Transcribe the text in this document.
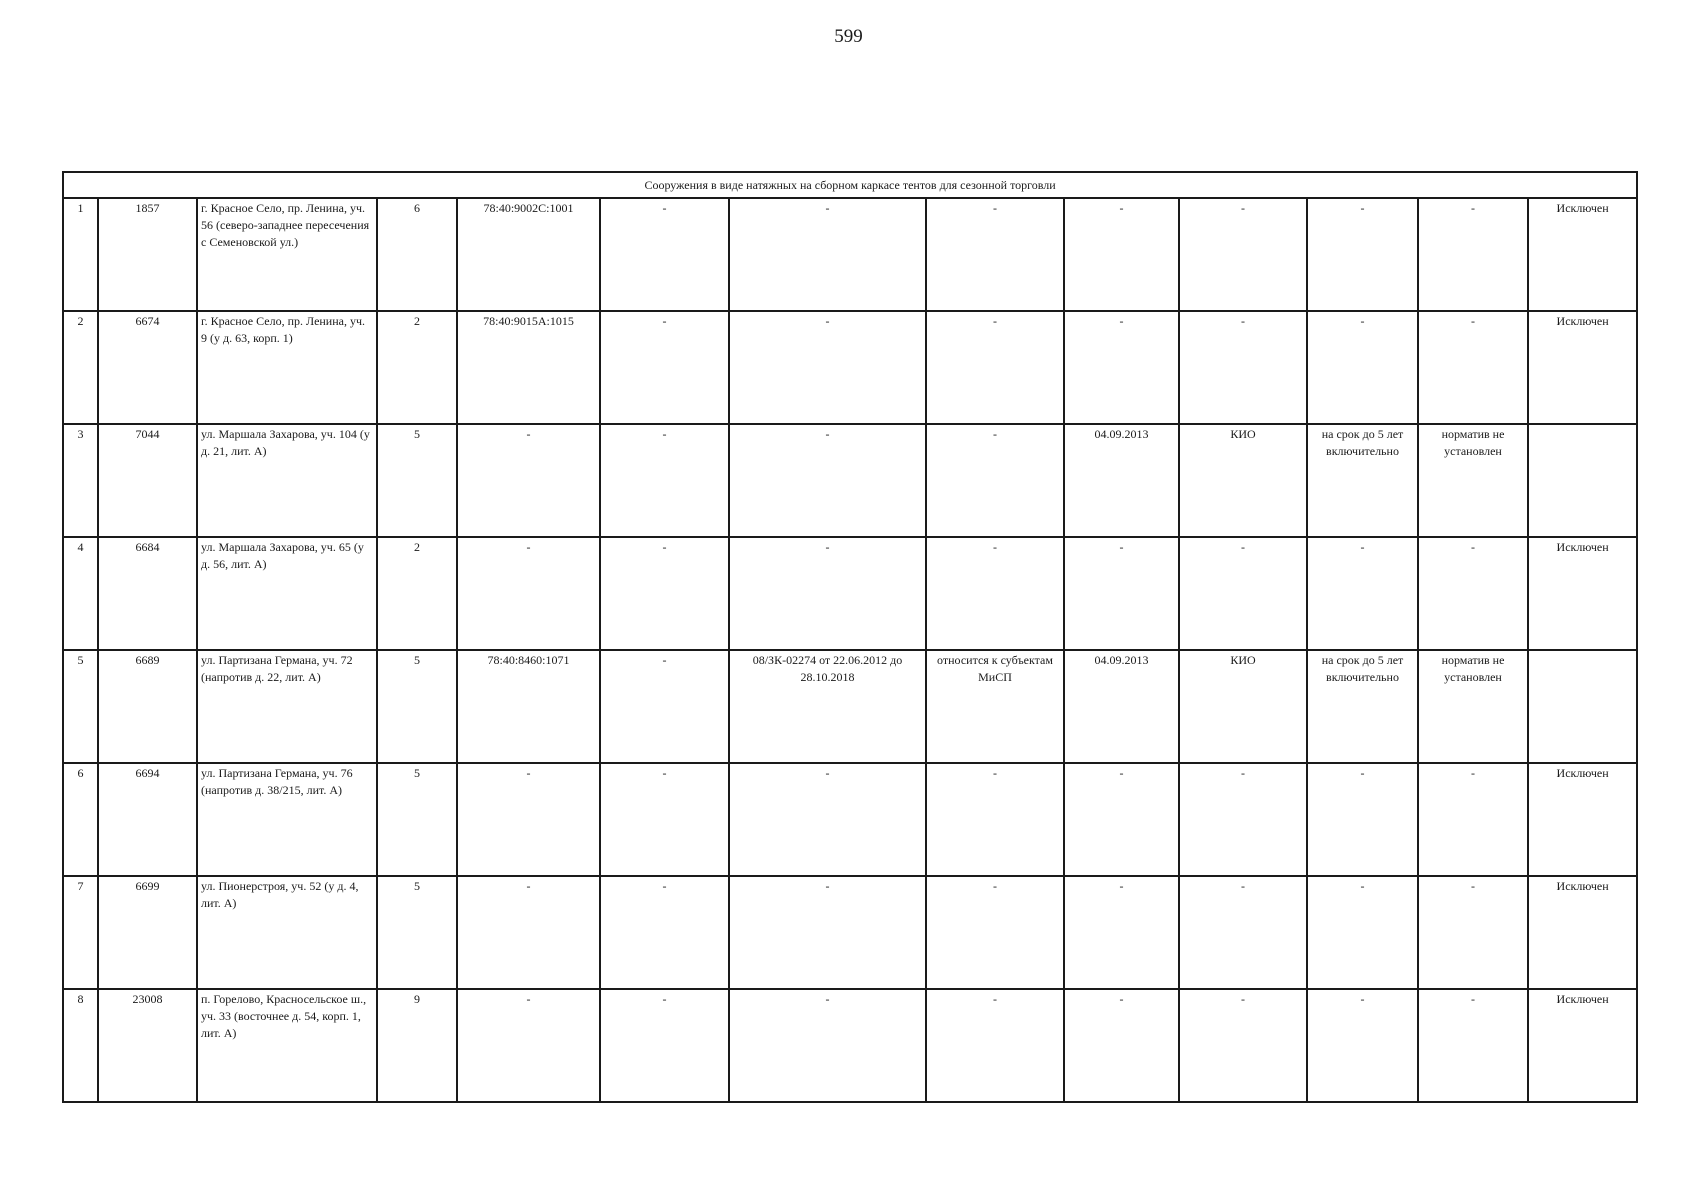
599
Сооружения в виде натяжных на сборном каркасе тентов для сезонной торговли												
1	1857	г. Красное Село, пр. Ленина, уч. 56 (северо-западнее пересечения с Семеновской ул.)	6	78:40:9002С:1001	-	-	-	-	-	-	-	Исключен
2	6674	г. Красное Село, пр. Ленина, уч. 9 (у д. 63, корп. 1)	2	78:40:9015А:1015	-	-	-	-	-	-	-	Исключен
3	7044	ул. Маршала Захарова, уч. 104 (у д. 21, лит. А)	5	-	-	-	-	04.09.2013	КИО	на срок до 5 лет включительно	норматив не установлен	
4	6684	ул. Маршала Захарова, уч. 65 (у д. 56, лит. А)	2	-	-	-	-	-	-	-	-	Исключен
5	6689	ул. Партизана Германа, уч. 72 (напротив д. 22, лит. А)	5	78:40:8460:1071	-	08/ЗК-02274 от 22.06.2012 до 28.10.2018	относится к субъектам МиСП	04.09.2013	КИО	на срок до 5 лет включительно	норматив не установлен	
6	6694	ул. Партизана Германа, уч. 76 (напротив д. 38/215, лит. А)	5	-	-	-	-	-	-	-	-	Исключен
7	6699	ул. Пионерстроя, уч. 52 (у д. 4, лит. А)	5	-	-	-	-	-	-	-	-	Исключен
8	23008	п. Горелово, Красносельское ш., уч. 33 (восточнее д. 54, корп. 1, лит. А)	9	-	-	-	-	-	-	-	-	Исключен
